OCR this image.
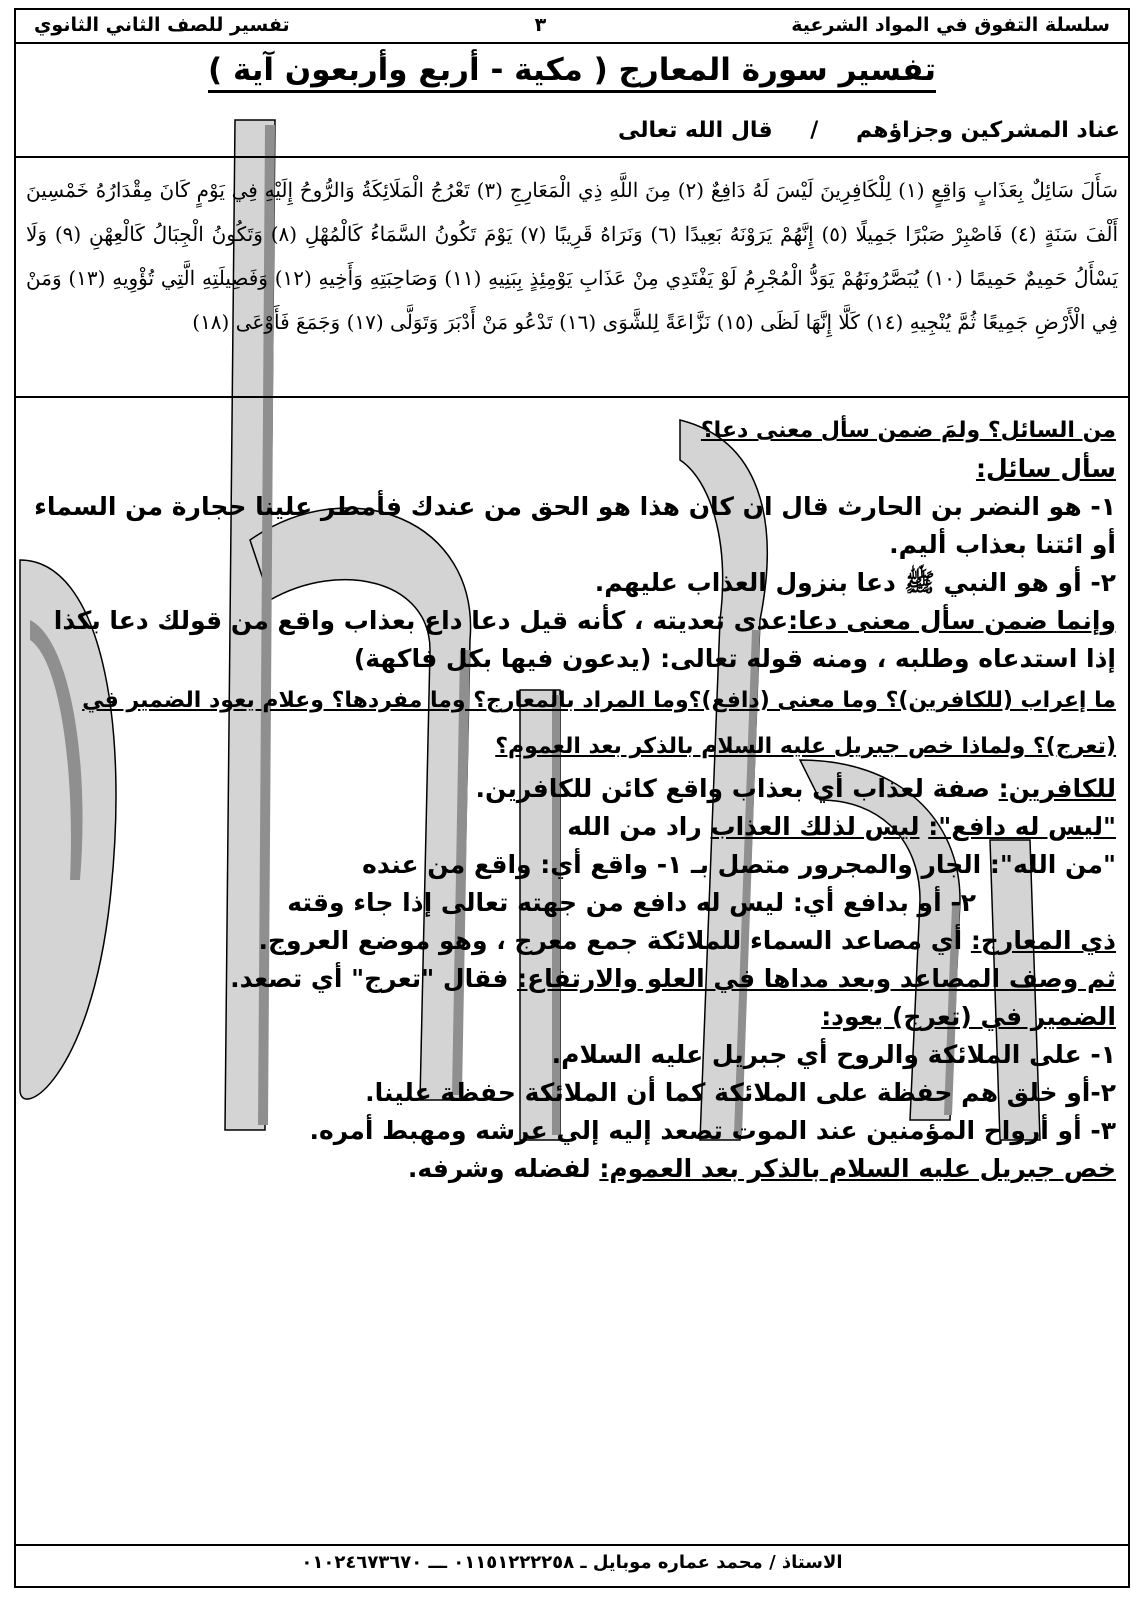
سلسلة التفوق في المواد الشرعية
٣
تفسير للصف الثاني الثانوي
تفسير سورة المعارج ( مكية - أربع وأربعون آية )
عناد المشركين وجزاؤهم / قال الله تعالى
سَأَلَ سَائِلٌ بِعَذَابٍ وَاقِعٍ (١) لِلْكَافِرِينَ لَيْسَ لَهُ دَافِعٌ (٢) مِنَ اللَّهِ ذِي الْمَعَارِجِ (٣) تَعْرُجُ الْمَلَائِكَةُ وَالرُّوحُ إِلَيْهِ فِي يَوْمٍ كَانَ مِقْدَارُهُ خَمْسِينَ أَلْفَ سَنَةٍ (٤) فَاصْبِرْ صَبْرًا جَمِيلًا (٥) إِنَّهُمْ يَرَوْنَهُ بَعِيدًا (٦) وَنَرَاهُ قَرِيبًا (٧) يَوْمَ تَكُونُ السَّمَاءُ كَالْمُهْلِ (٨) وَتَكُونُ الْجِبَالُ كَالْعِهْنِ (٩) وَلَا يَسْأَلُ حَمِيمٌ حَمِيمًا (١٠) يُبَصَّرُونَهُمْ يَوَدُّ الْمُجْرِمُ لَوْ يَفْتَدِي مِنْ عَذَابِ يَوْمِئِذٍ بِبَنِيهِ (١١) وَصَاحِبَتِهِ وَأَخِيهِ (١٢) وَفَصِيلَتِهِ الَّتِي تُؤْوِيهِ (١٣) وَمَنْ فِي الْأَرْضِ جَمِيعًا ثُمَّ يُنْجِيهِ (١٤) كَلَّا إِنَّهَا لَظَى (١٥) نَزَّاعَةً لِلشَّوَى (١٦) تَدْعُو مَنْ أَدْبَرَ وَتَوَلَّى (١٧) وَجَمَعَ فَأَوْعَى (١٨)

من السائل؟ ولمَ ضمن سأل معنى دعا؟

سأل سائل:

١- هو النضر بن الحارث قال ان كان هذا هو الحق من عندك فأمطر علينا حجارة من السماء أو ائتنا بعذاب أليم.

٢- أو هو النبي ﷺ دعا بنزول العذاب عليهم.

وإنما ضمن سأل معنى دعا:عدى تعديته ، كأنه قيل دعا داع بعذاب واقع من قولك دعا بكذا إذا استدعاه وطلبه ، ومنه قوله تعالى: (يدعون فيها بكل فاكهة)

ما إعراب (للكافرين)؟ وما معنى (دافع)؟وما المراد بالمعارج؟ وما مفردها؟ وعلام يعود الضمير في (تعرج)؟ ولماذا خص جبريل عليه السلام بالذكر بعد العموم؟

للكافرين: صفة لعذاب أي بعذاب واقع كائن للكافرين.

"ليس له دافع": ليس لذلك العذاب راد من الله

"من الله": الجار والمجرور متصل بـ ١- واقع أي: واقع من عنده

٢- أو بدافع أي: ليس له دافع من جهته تعالى إذا جاء وقته

ذي المعارج: أي مصاعد السماء للملائكة جمع معرج ، وهو موضع العروج.

ثم وصف المصاعد وبعد مداها في العلو والارتفاع: فقال "تعرج" أي تصعد.

الضمير في (تعرج) يعود:

١- على الملائكة والروح أي جبريل عليه السلام.

٢-أو خلق هم حفظة على الملائكة كما أن الملائكة حفظة علينا.

٣- أو أرواح المؤمنين عند الموت تصعد إليه إلي عرشه ومهبط أمره.

خص جبريل عليه السلام بالذكر بعد العموم: لفضله وشرفه.

الاستاذ / محمد عماره موبايل ـ ٠١١٥١٢٢٢٢٥٨ ـــ ٠١٠٢٤٦٧٣٦٧٠
